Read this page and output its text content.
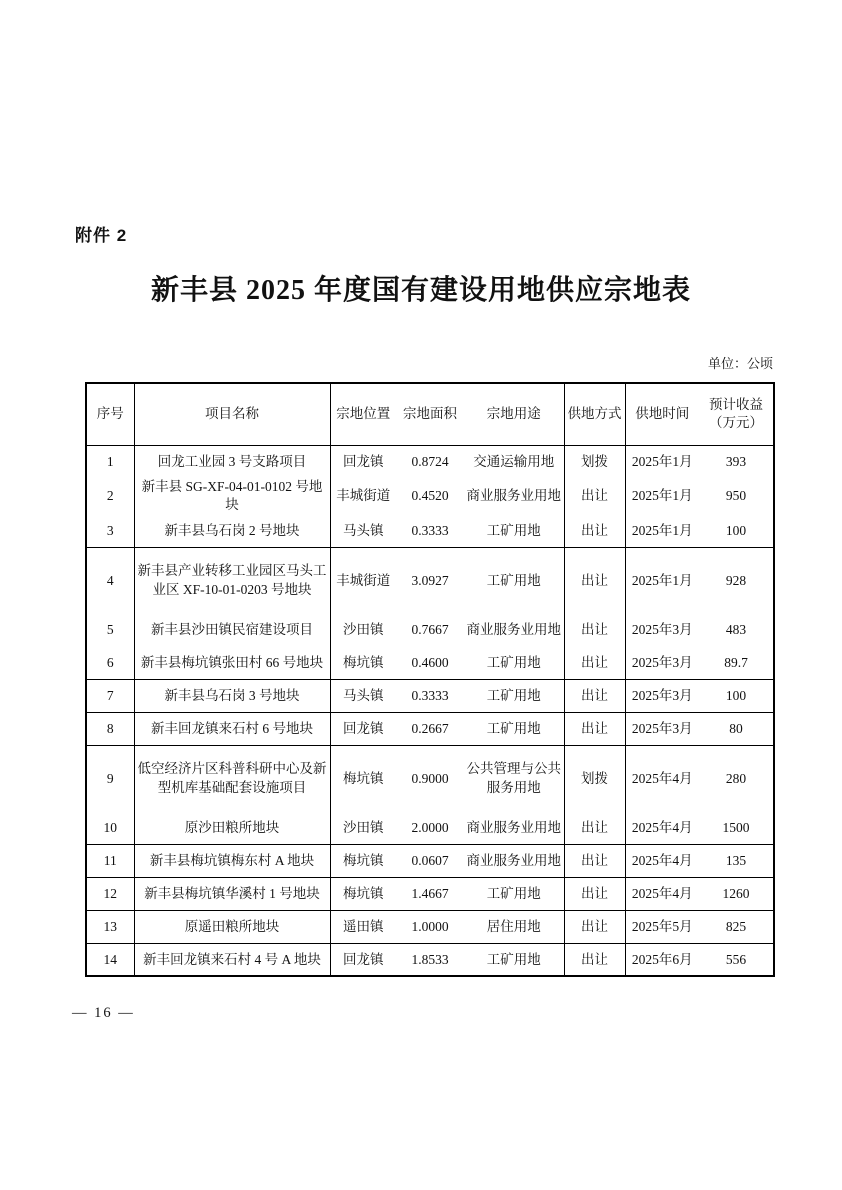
附件 2
新丰县 2025 年度国有建设用地供应宗地表
单位：公顷
序号	项目名称	宗地位置	宗地面积	宗地用途	供地方式	供地时间	预计收益
（万元）

1	回龙工业园 3 号支路项目	回龙镇	0.8724	交通运输用地	划拨	2025年1月	393
2	新丰县 SG-XF-04-01-0102 号地块	丰城街道	0.4520	商业服务业用地	出让	2025年1月	950
3	新丰县乌石岗 2 号地块	马头镇	0.3333	工矿用地	出让	2025年1月	100
4	新丰县产业转移工业园区马头工业区 XF-10-01-0203 号地块	丰城街道	3.0927	工矿用地	出让	2025年1月	928
5	新丰县沙田镇民宿建设项目	沙田镇	0.7667	商业服务业用地	出让	2025年3月	483
6	新丰县梅坑镇张田村 66 号地块	梅坑镇	0.4600	工矿用地	出让	2025年3月	89.7
7	新丰县乌石岗 3 号地块	马头镇	0.3333	工矿用地	出让	2025年3月	100
8	新丰回龙镇来石村 6 号地块	回龙镇	0.2667	工矿用地	出让	2025年3月	80
9	低空经济片区科普科研中心及新型机库基础配套设施项目	梅坑镇	0.9000	公共管理与公共服务用地	划拨	2025年4月	280
10	原沙田粮所地块	沙田镇	2.0000	商业服务业用地	出让	2025年4月	1500
11	新丰县梅坑镇梅东村 A 地块	梅坑镇	0.0607	商业服务业用地	出让	2025年4月	135
12	新丰县梅坑镇华溪村 1 号地块	梅坑镇	1.4667	工矿用地	出让	2025年4月	1260
13	原遥田粮所地块	遥田镇	1.0000	居住用地	出让	2025年5月	825
14	新丰回龙镇来石村 4 号 A 地块	回龙镇	1.8533	工矿用地	出让	2025年6月	556
— 16 —
